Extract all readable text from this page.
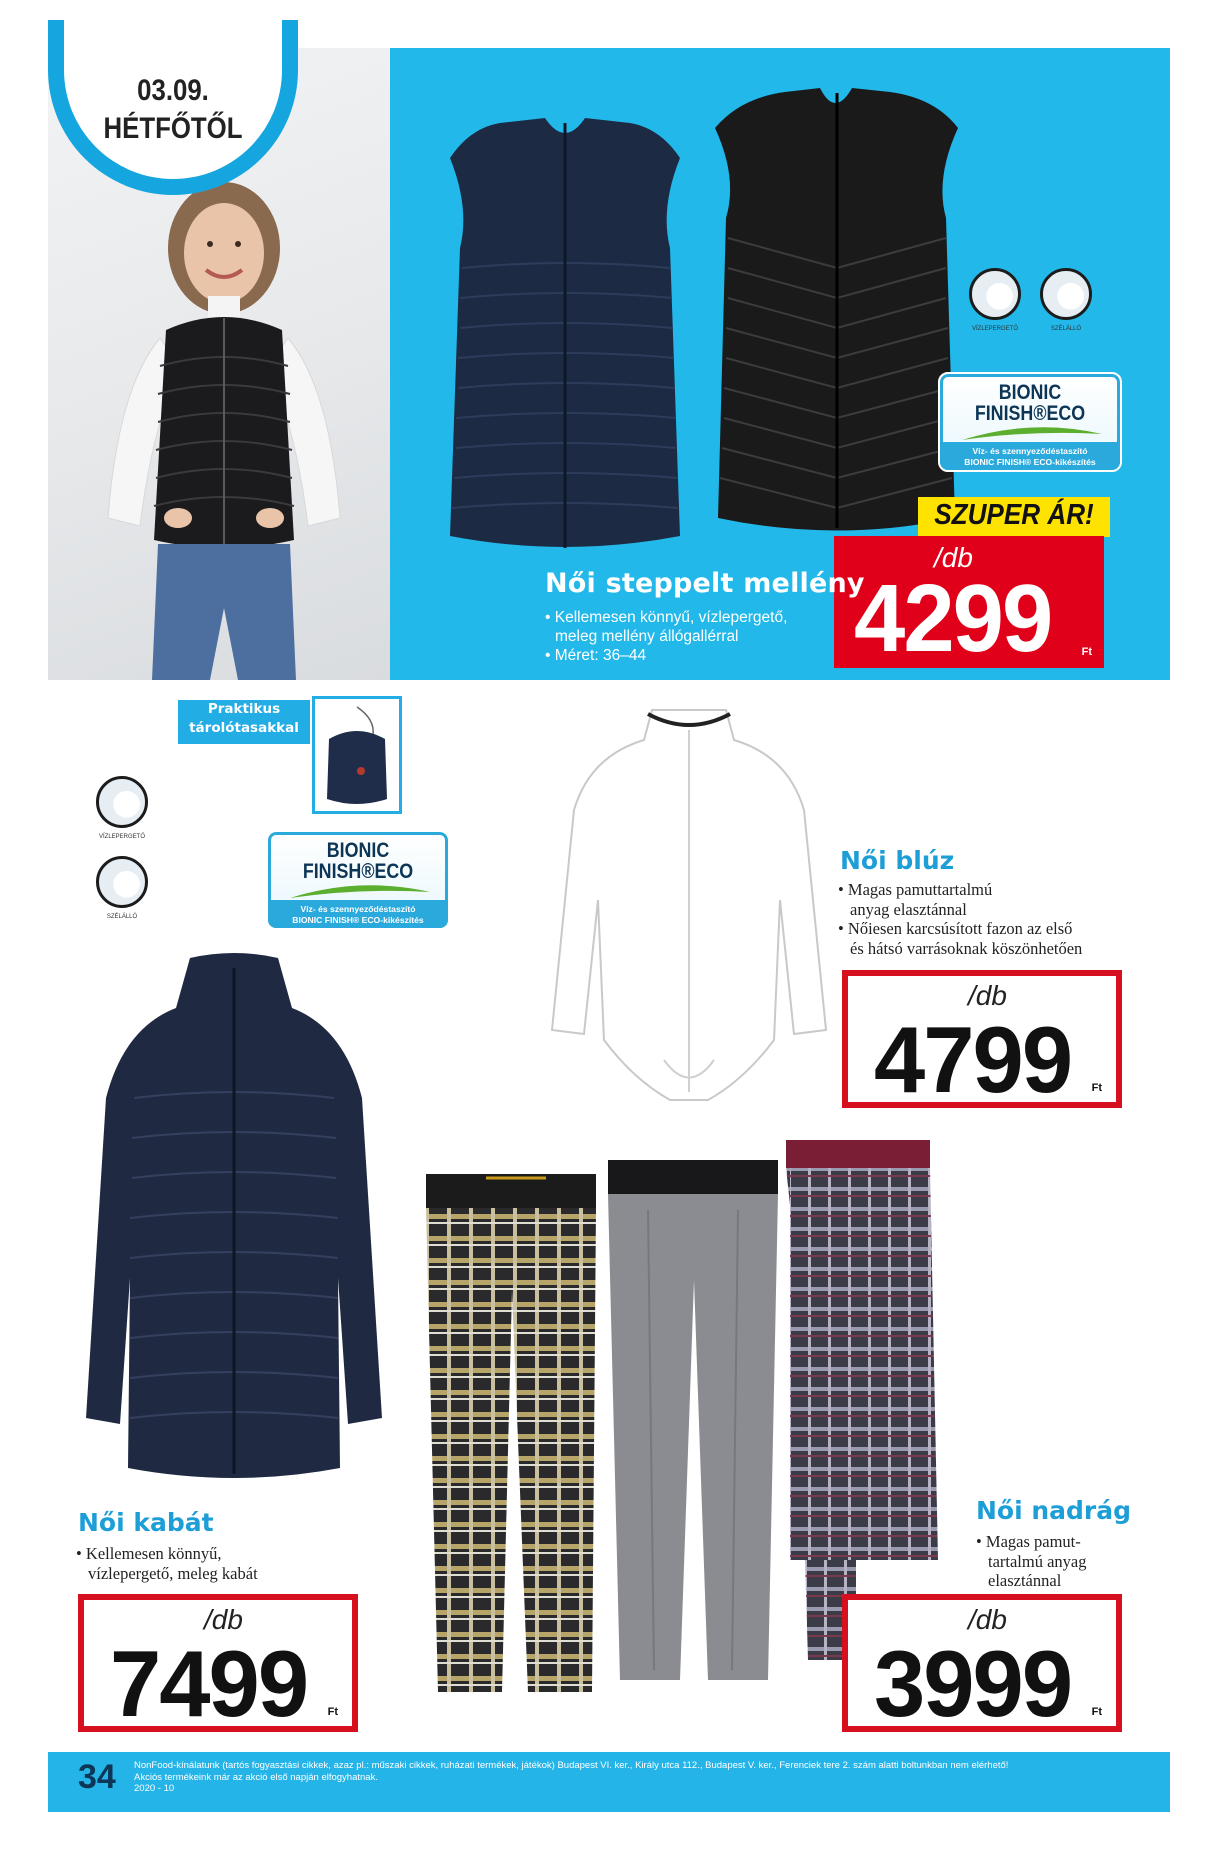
03.09.
HÉTFŐTŐL
VÍZLEPERGETŐ	SZÉLÁLLÓ
BIONIC
FINISH®ECO
Víz- és szennyeződéstaszító
BIONIC FINISH® ECO-kikészítés
SZUPER ÁR!
/db
4299	Ft
Női steppelt mellény
• Kellemesen könnyű, vízlepergető,
meleg mellény állógallérral
• Méret: 36–44
Praktikus
tárolótasakkal
VÍZLEPERGETŐ
SZÉLÁLLÓ
BIONIC
FINISH®ECO
Víz- és szennyeződéstaszító
BIONIC FINISH® ECO-kikészítés
Női blúz
• Magas pamuttartalmú
anyag elasztánnal
• Nőiesen karcsúsított fazon az első
és hátsó varrásoknak köszönhetően
/db
4799 Ft
Női kabát
• Kellemesen könnyű,
vízlepergető, meleg kabát
/db
7499 Ft
Női nadrág
• Magas pamut-
tartalmú anyag
elasztánnal
/db
3999 Ft
34 NonFood-kínálatunk (tartós fogyasztási cikkek, azaz pl.: műszaki cikkek, ruházati termékek, játékok) Budapest VI. ker., Király utca 112., Budapest V. ker., Ferenciek tere 2. szám alatti boltunkban nem elérhető!
Akciós termékeink már az akció első napján elfogyhatnak.
2020 - 10
